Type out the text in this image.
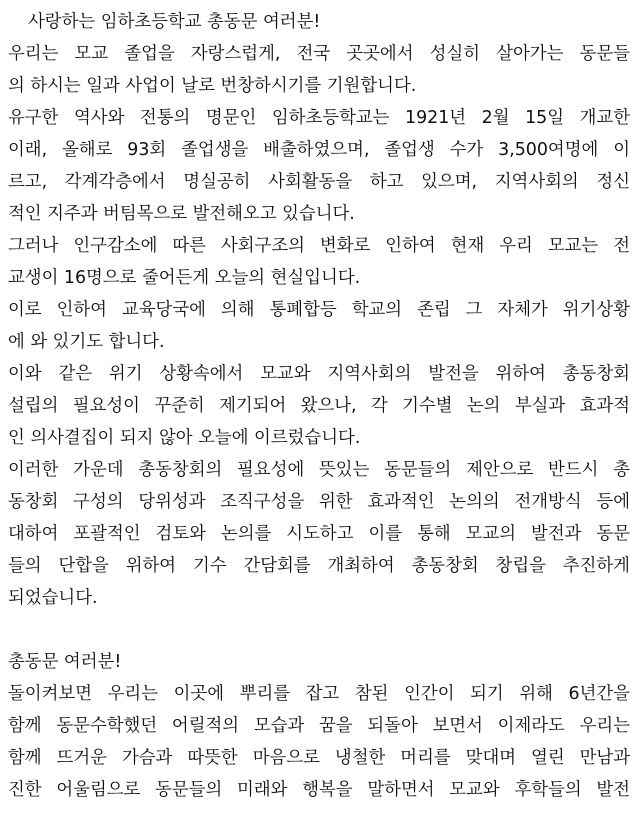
사랑하는 임하초등학교 총동문 여러분!
우리는 모교 졸업을 자랑스럽게, 전국 곳곳에서 성실히 살아가는 동문들
의 하시는 일과 사업이 날로 번창하시기를 기원합니다.
유구한 역사와 전통의 명문인 임하초등학교는 1921년 2월 15일 개교한
이래, 올해로 93회 졸업생을 배출하였으며, 졸업생 수가 3,500여명에 이
르고, 각계각층에서 명실공히 사회활동을 하고 있으며, 지역사회의 정신
적인 지주과 버팀목으로 발전해오고 있습니다.
그러나 인구감소에 따른 사회구조의 변화로 인하여 현재 우리 모교는 전
교생이 16명으로 줄어든게 오늘의 현실입니다.
이로 인하여 교육당국에 의해 통폐합등 학교의 존립 그 자체가 위기상황
에 와 있기도 합니다.
이와 같은 위기 상황속에서 모교와 지역사회의 발전을 위하여 총동창회
설립의 필요성이 꾸준히 제기되어 왔으나, 각 기수별 논의 부실과 효과적
인 의사결집이 되지 않아 오늘에 이르렀습니다.
이러한 가운데 총동창회의 필요성에 뜻있는 동문들의 제안으로 반드시 총
동창회 구성의 당위성과 조직구성을 위한 효과적인 논의의 전개방식 등에
대하여 포괄적인 검토와 논의를 시도하고 이를 통해 모교의 발전과 동문
들의 단합을 위하여 기수 간담회를 개최하여 총동창회 창립을 추진하게
되었습니다.
총동문 여러분!
돌이켜보면 우리는 이곳에 뿌리를 잡고 참된 인간이 되기 위해 6년간을
함께 동문수학했던 어릴적의 모습과 꿈을 되돌아 보면서 이제라도 우리는
함께 뜨거운 가슴과 따뜻한 마음으로 냉철한 머리를 맞대며 열린 만남과
진한 어울림으로 동문들의 미래와 행복을 말하면서 모교와 후학들의 발전
